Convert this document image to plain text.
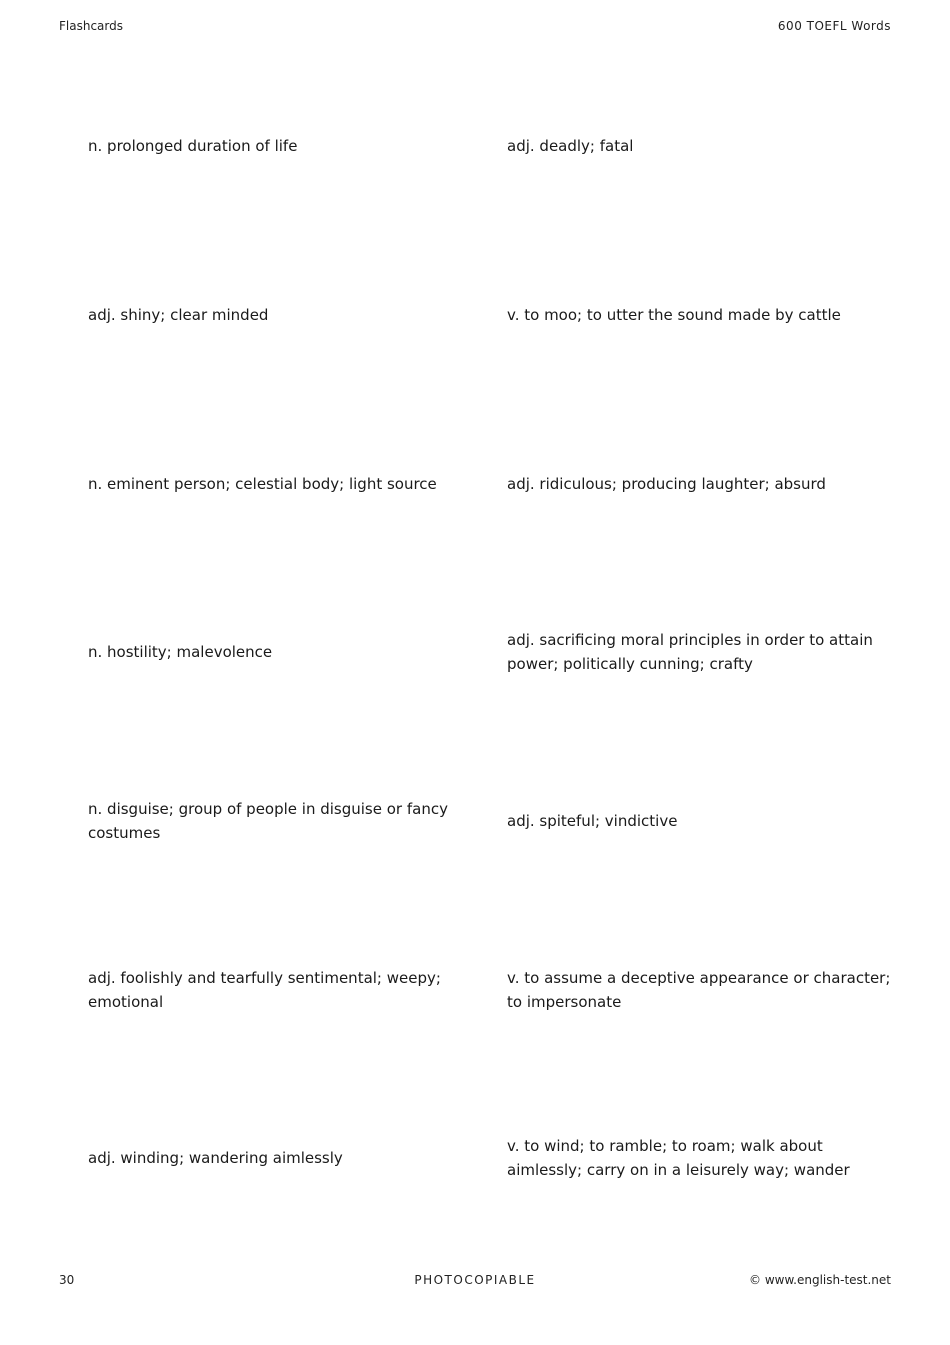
Flashcards	600 TOEFL Words
n. prolonged duration of life	adj. deadly; fatal
adj. shiny; clear minded	v. to moo; to utter the sound made by cattle
n. eminent person; celestial body; light source	adj. ridiculous; producing laughter; absurd
n. hostility; malevolence
adj. sacrificing moral principles in order to attain power; politically cunning; crafty
n. disguise; group of people in disguise or fancy costumes
adj. spiteful; vindictive
adj. foolishly and tearfully sentimental; weepy; emotional
v. to assume a deceptive appearance or character; to impersonate
adj. winding; wandering aimlessly
v. to wind; to ramble; to roam; walk about aimlessly; carry on in a leisurely way; wander
30	PHOTOCOPIABLE	© www.english-test.net
